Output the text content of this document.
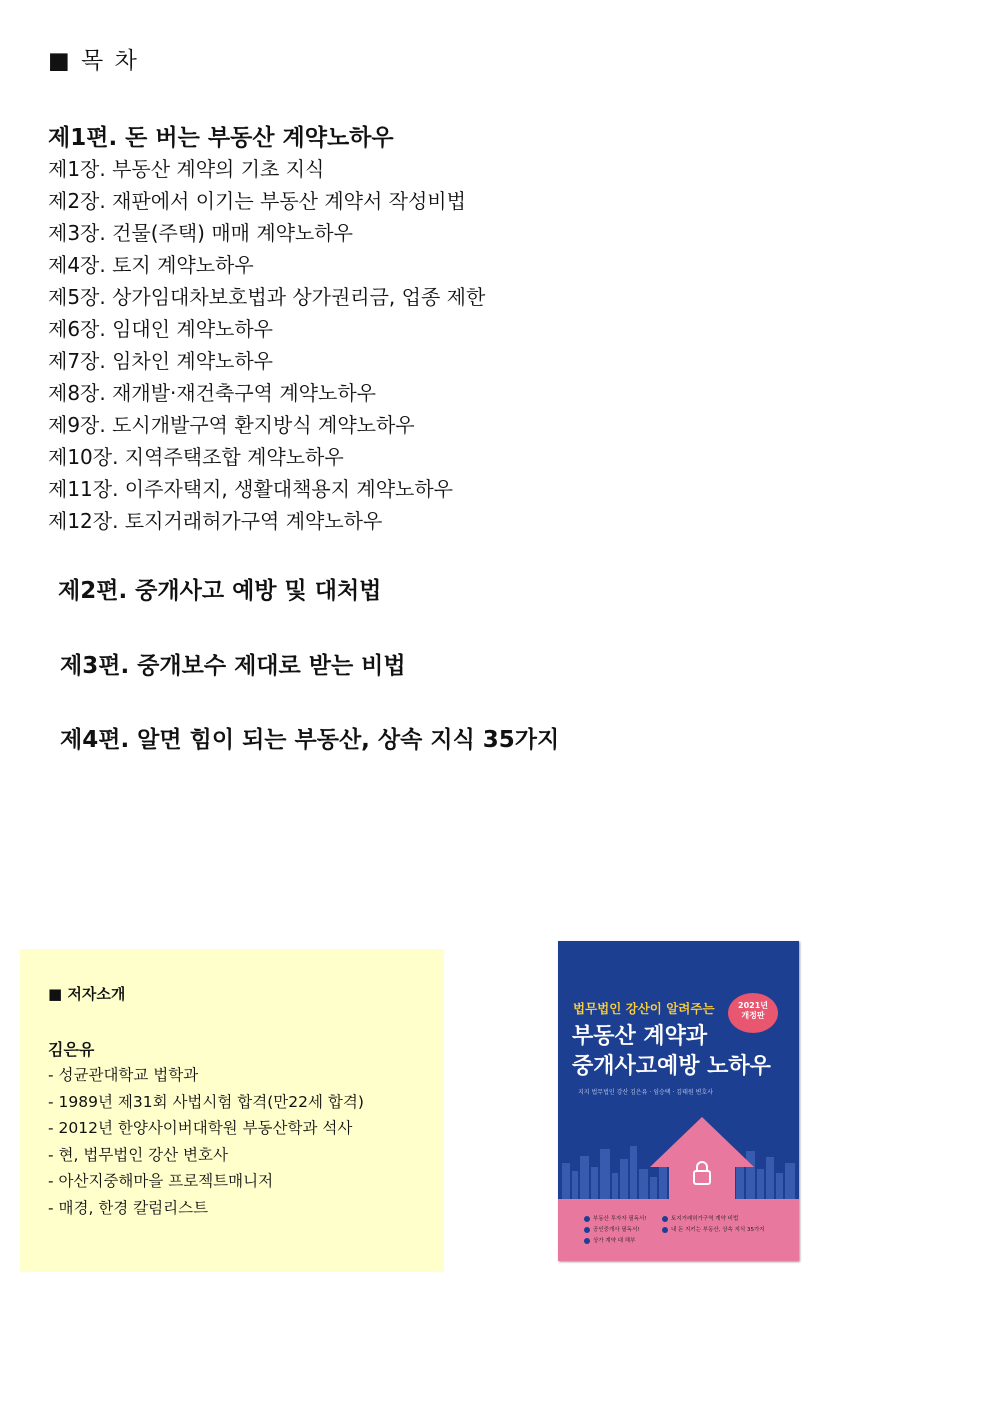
■ 목 차
제1편. 돈 버는 부동산 계약노하우
제1장. 부동산 계약의 기초 지식
제2장. 재판에서 이기는 부동산 계약서 작성비법
제3장. 건물(주택) 매매 계약노하우
제4장. 토지 계약노하우
제5장. 상가임대차보호법과 상가권리금, 업종 제한
제6장. 임대인 계약노하우
제7장. 임차인 계약노하우
제8장. 재개발·재건축구역 계약노하우
제9장. 도시개발구역 환지방식 계약노하우
제10장. 지역주택조합 계약노하우
제11장. 이주자택지, 생활대책용지 계약노하우
제12장. 토지거래허가구역 계약노하우
제2편. 중개사고 예방 및 대처법
제3편. 중개보수 제대로 받는 비법
제4편. 알면 힘이 되는 부동산, 상속 지식 35가지
■ 저자소개
김은유
- 성균관대학교 법학과
- 1989년 제31회 사법시험 합격(만22세 합격)
- 2012년 한양사이버대학원 부동산학과 석사
- 현, 법무법인 강산 변호사
- 아산지중해마을 프로젝트매니저
- 매경, 한경 칼럼리스트
법무법인 강산이 알려주는	2021년
개정판
부동산 계약과
중개사고예방 노하우
지지 법무법인 강산 김은유 · 임승택 · 김태원 변호사
부동산 투자자 필독서!
공인중개사 필독서!
상가 계약 대 해부
토지거래허가구역 계약 비법
내 돈 지키는 부동산, 상속 지식 35가지
